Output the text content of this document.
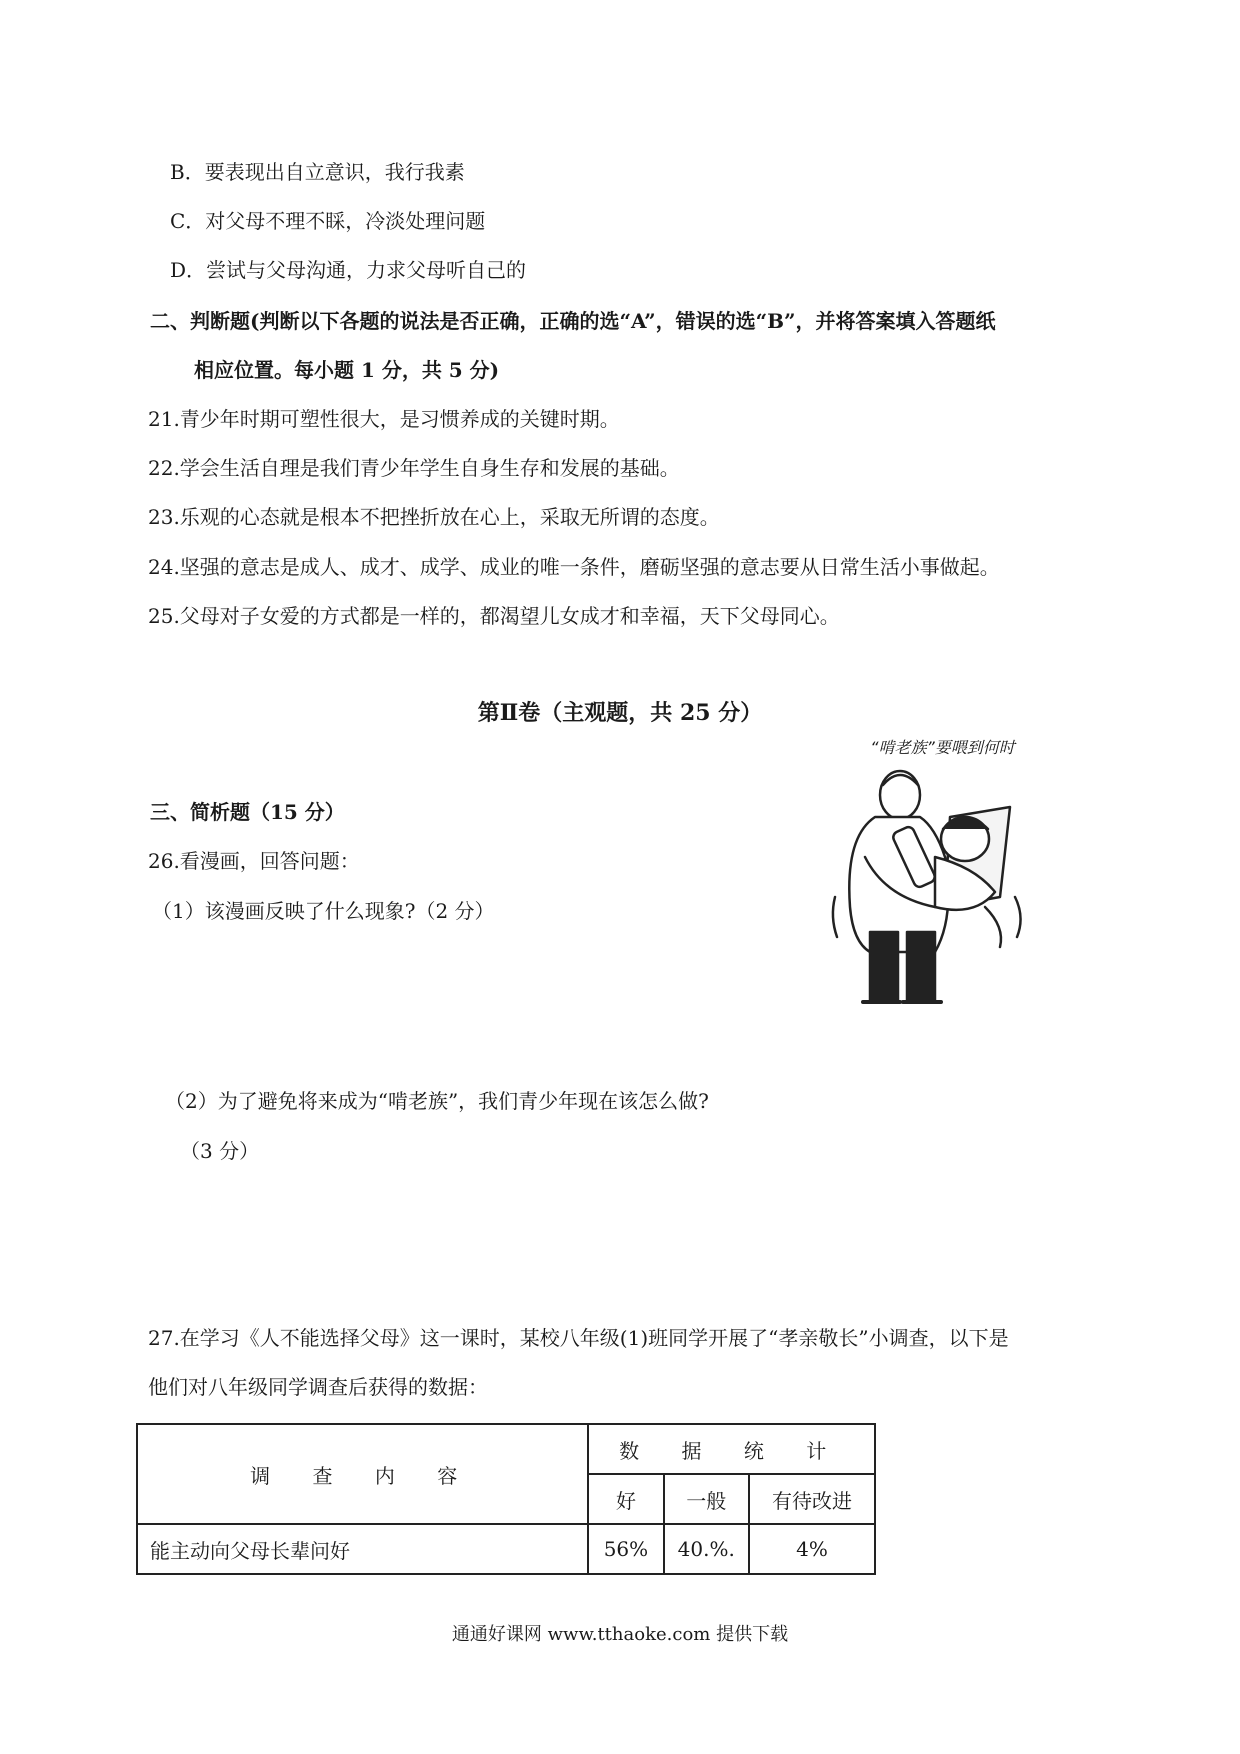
B．要表现出自立意识，我行我素
C．对父母不理不睬，冷淡处理问题
D．尝试与父母沟通，力求父母听自己的
二、判断题(判断以下各题的说法是否正确，正确的选“A”，错误的选“B”，并将答案填入答题纸
相应位置。每小题 1 分，共 5 分)
21.青少年时期可塑性很大，是习惯养成的关键时期。
22.学会生活自理是我们青少年学生自身生存和发展的基础。
23.乐观的心态就是根本不把挫折放在心上，采取无所谓的态度。
24.坚强的意志是成人、成才、成学、成业的唯一条件，磨砺坚强的意志要从日常生活小事做起。
25.父母对子女爱的方式都是一样的，都渴望儿女成才和幸福，天下父母同心。
第Ⅱ卷（主观题，共 25 分）
三、简析题（15 分）
26.看漫画，回答问题：
（1）该漫画反映了什么现象?（2 分）
“啃老族”要喂到何时
（2）为了避免将来成为“啃老族”，我们青少年现在该怎么做?
（3 分）
27.在学习《人不能选择父母》这一课时，某校八年级(1)班同学开展了“孝亲敬长”小调查，以下是
他们对八年级同学调查后获得的数据：
调 查 内 容	数 据 统 计		
	好	一般	有待改进
能主动向父母长辈问好	56%	40.%.	4%
通通好课网 www.tthaoke.com 提供下载
